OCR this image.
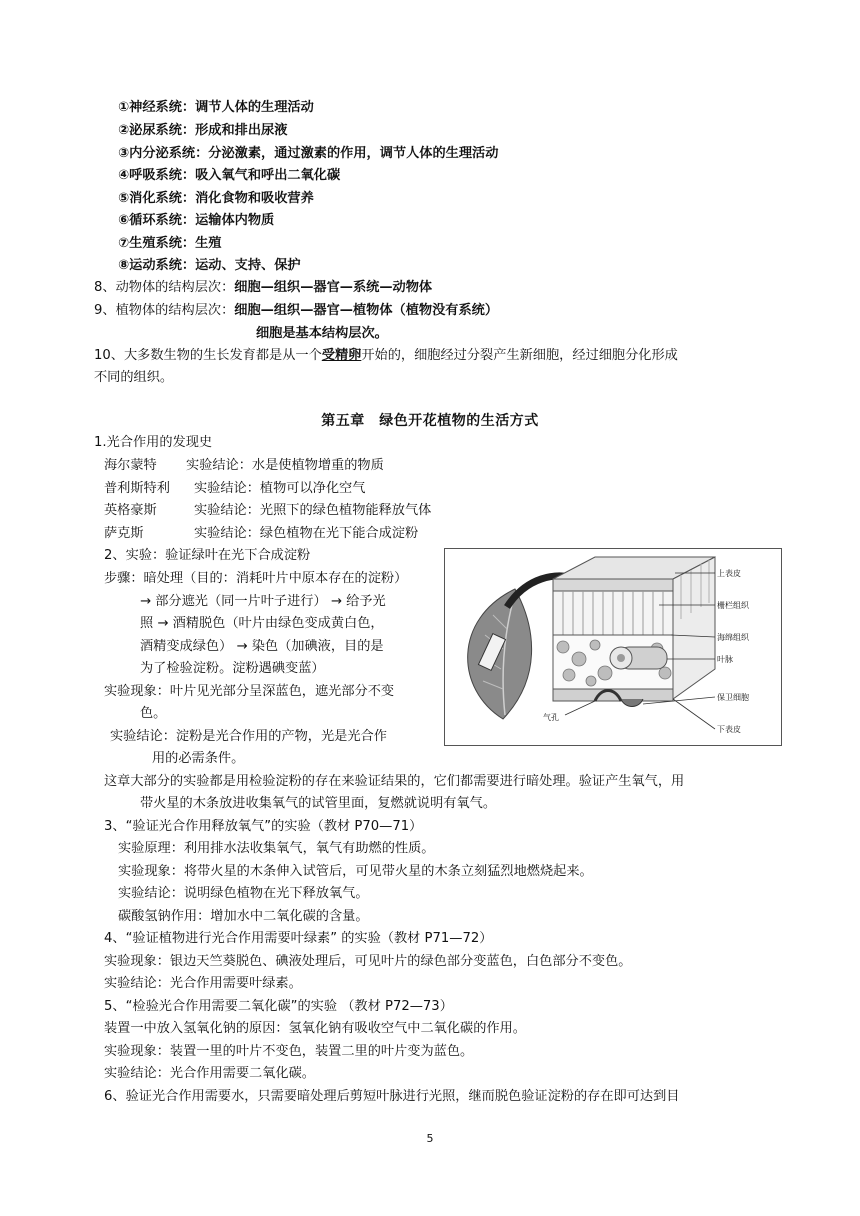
①神经系统：调节人体的生理活动
②泌尿系统：形成和排出尿液
③内分泌系统：分泌激素，通过激素的作用，调节人体的生理活动
④呼吸系统：吸入氧气和呼出二氧化碳
⑤消化系统：消化食物和吸收营养
⑥循环系统：运输体内物质
⑦生殖系统：生殖
⑧运动系统：运动、支持、保护
8、动物体的结构层次：细胞—组织—器官—系统—动物体
9、植物体的结构层次：细胞—组织—器官—植物体（植物没有系统）
细胞是基本结构层次。
10、大多数生物的生长发育都是从一个受精卵开始的，细胞经过分裂产生新细胞，经过细胞分化形成
不同的组织。
第五章　绿色开花植物的生活方式
1.光合作用的发现史
海尔蒙特 实验结论：水是使植物增重的物质
普利斯特利 实验结论：植物可以净化空气
英格豪斯	实验结论：光照下的绿色植物能释放气体
萨克斯	实验结论：绿色植物在光下能合成淀粉
2、实验：验证绿叶在光下合成淀粉
步骤：暗处理（目的：消耗叶片中原本存在的淀粉）
→ 部分遮光（同一片叶子进行） → 给予光
照 → 酒精脱色（叶片由绿色变成黄白色，
酒精变成绿色） → 染色（加碘液，目的是
为了检验淀粉。淀粉遇碘变蓝）
实验现象：叶片见光部分呈深蓝色，遮光部分不变
色。
实验结论：淀粉是光合作用的产物，光是光合作
用的必需条件。
这章大部分的实验都是用检验淀粉的存在来验证结果的，它们都需要进行暗处理。验证产生氧气，用
带火星的木条放进收集氧气的试管里面，复燃就说明有氧气。
上表皮
栅栏组织
海绵组织
叶脉
保卫细胞
下表皮
气孔
3、“验证光合作用释放氧气”的实验（教材 P70—71）
实验原理：利用排水法收集氧气，氧气有助燃的性质。
实验现象：将带火星的木条伸入试管后，可见带火星的木条立刻猛烈地燃烧起来。
实验结论：说明绿色植物在光下释放氧气。
碳酸氢钠作用：增加水中二氧化碳的含量。
4、“验证植物进行光合作用需要叶绿素” 的实验（教材 P71—72）
实验现象：银边天竺葵脱色、碘液处理后，可见叶片的绿色部分变蓝色，白色部分不变色。
实验结论：光合作用需要叶绿素。
5、“检验光合作用需要二氧化碳”的实验 （教材 P72—73）
装置一中放入氢氧化钠的原因：氢氧化钠有吸收空气中二氧化碳的作用。
实验现象：装置一里的叶片不变色，装置二里的叶片变为蓝色。
实验结论：光合作用需要二氧化碳。
6、验证光合作用需要水，只需要暗处理后剪短叶脉进行光照，继而脱色验证淀粉的存在即可达到目
5
